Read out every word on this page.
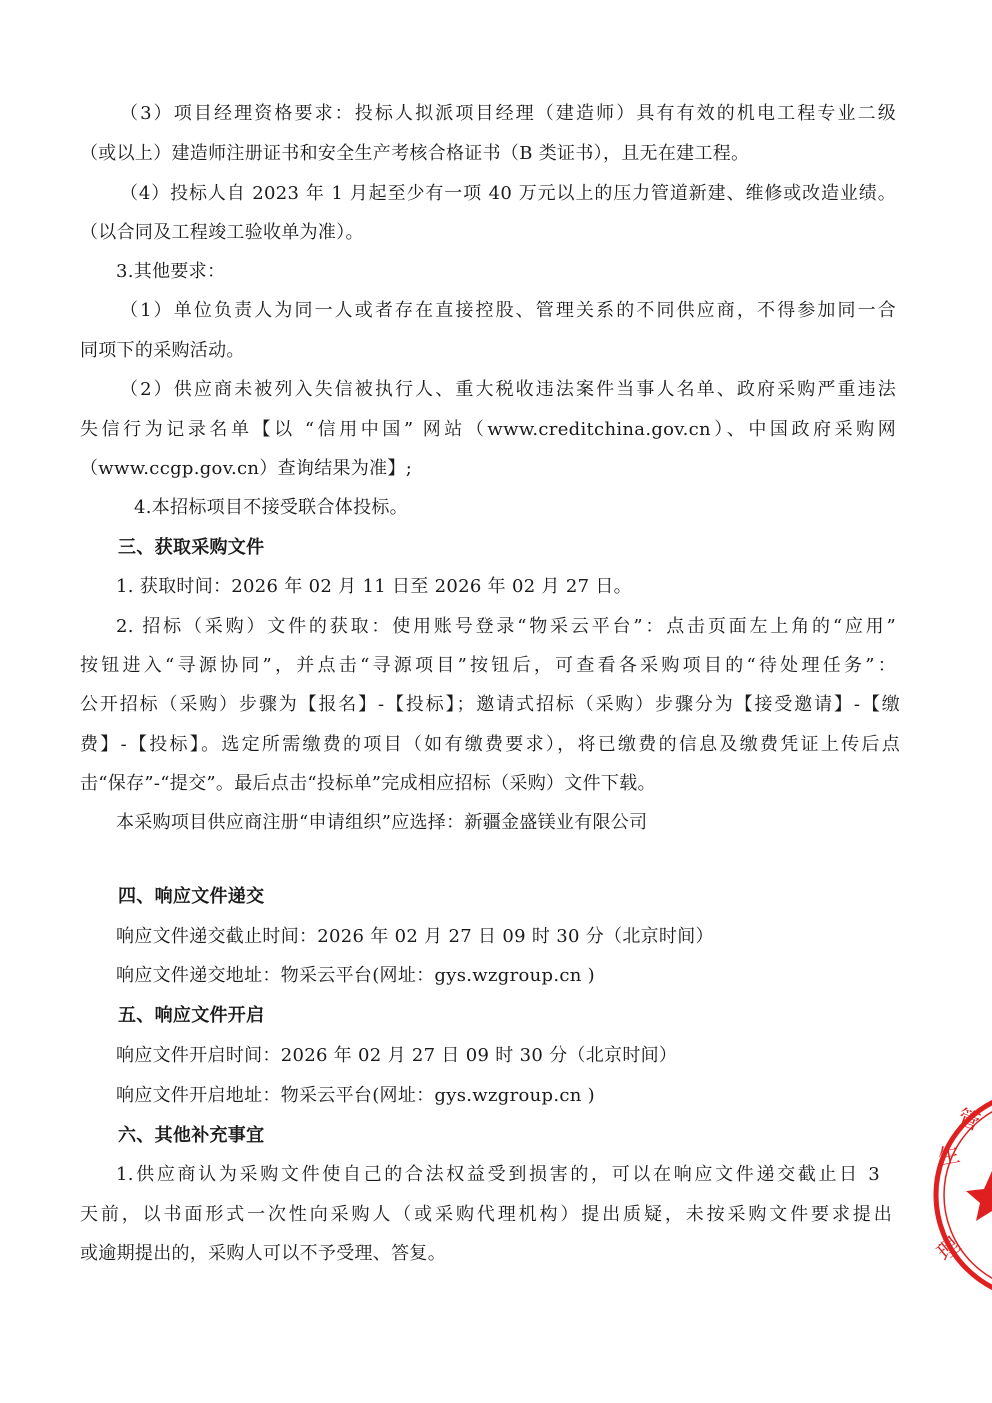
（3）项目经理资格要求：投标人拟派项目经理（建造师）具有有效的机电工程专业二级
（或以上）建造师注册证书和安全生产考核合格证书（B 类证书），且无在建工程。
（4）投标人自 2023 年 1 月起至少有一项 40 万元以上的压力管道新建、维修或改造业绩。
（以合同及工程竣工验收单为准）。
3.其他要求：
（1）单位负责人为同一人或者存在直接控股、管理关系的不同供应商，不得参加同一合
同项下的采购活动。
（2）供应商未被列入失信被执行人、重大税收违法案件当事人名单、政府采购严重违法
失信行为记录名单【以 “信用中国” 网站（www.creditchina.gov.cn）、中国政府采购网
（www.ccgp.gov.cn）查询结果为准】;
4.本招标项目不接受联合体投标。
三、获取采购文件
1. 获取时间：2026 年 02 月 11 日至 2026 年 02 月 27 日。
2. 招标（采购）文件的获取：使用账号登录“物采云平台”：点击页面左上角的“应用”
按钮进入“寻源协同”，并点击“寻源项目”按钮后，可查看各采购项目的“待处理任务”：
公开招标（采购）步骤为【报名】-【投标】；邀请式招标（采购）步骤分为【接受邀请】-【缴
费】-【投标】。选定所需缴费的项目（如有缴费要求），将已缴费的信息及缴费凭证上传后点
击“保存”-“提交”。最后点击“投标单”完成相应招标（采购）文件下载。
本采购项目供应商注册“申请组织”应选择：新疆金盛镁业有限公司
四、响应文件递交
响应文件递交截止时间：2026 年 02 月 27 日 09 时 30 分（北京时间）
响应文件递交地址：物采云平台(网址：gys.wzgroup.cn )
五、响应文件开启
响应文件开启时间：2026 年 02 月 27 日 09 时 30 分（北京时间）
响应文件开启地址：物采云平台(网址：gys.wzgroup.cn )
六、其他补充事宜
1.供应商认为采购文件使自己的合法权益受到损害的，可以在响应文件递交截止日 3
天前，以书面形式一次性向采购人（或采购代理机构）提出质疑，未按采购文件要求提出
或逾期提出的，采购人可以不予受理、答复。
管
生
理
